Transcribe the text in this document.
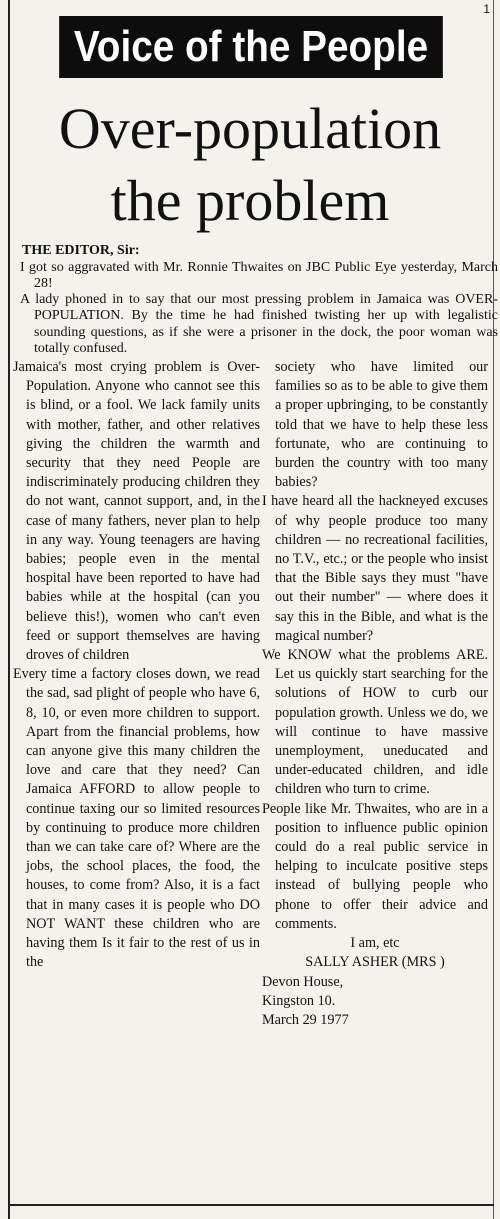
1
Voice of the People
Over-population
the problem
THE EDITOR, Sir:
I got so aggravated with Mr. Ronnie Thwaites on JBC Public Eye yesterday, March 28!
A lady phoned in to say that our most pressing problem in Jamaica was OVER-POPULATION. By the time he had finished twisting her up with legalistic sounding questions, as if she were a prisoner in the dock, the poor woman was totally confused.

Jamaica's most crying problem is Over-Population. Anyone who cannot see this is blind, or a fool. We lack family units with mother, father, and other relatives giving the children the warmth and security that they need People are indiscriminately producing children they do not want, cannot support, and, in the case of many fathers, never plan to help in any way. Young teenagers are having babies; people even in the mental hospital have been reported to have had babies while at the hospital (can you believe this!), women who can't even feed or support themselves are having droves of children

Every time a factory closes down, we read the sad, sad plight of people who have 6, 8, 10, or even more children to support. Apart from the financial problems, how can anyone give this many children the love and care that they need? Can Jamaica AFFORD to allow people to continue taxing our so limited resources by continuing to produce more children than we can take care of? Where are the jobs, the school places, the food, the houses, to come from? Also, it is a fact that in many cases it is people who DO NOT WANT these children who are having them Is it fair to the rest of us in the

society who have limited our families so as to be able to give them a proper upbringing, to be constantly told that we have to help these less fortunate, who are continuing to burden the country with too many babies?

I have heard all the hackneyed excuses of why people produce too many children — no recreational facilities, no T.V., etc.; or the people who insist that the Bible says they must "have out their number" — where does it say this in the Bible, and what is the magical number?

We KNOW what the problems ARE. Let us quickly start searching for the solutions of HOW to curb our population growth. Unless we do, we will continue to have massive unemployment, uneducated and under-educated children, and idle children who turn to crime.

People like Mr. Thwaites, who are in a position to influence public opinion could do a real public service in helping to inculcate positive steps instead of bullying people who phone to offer their advice and comments.

I am, etc

SALLY ASHER (MRS )

Devon House,

Kingston 10.

March 29 1977
